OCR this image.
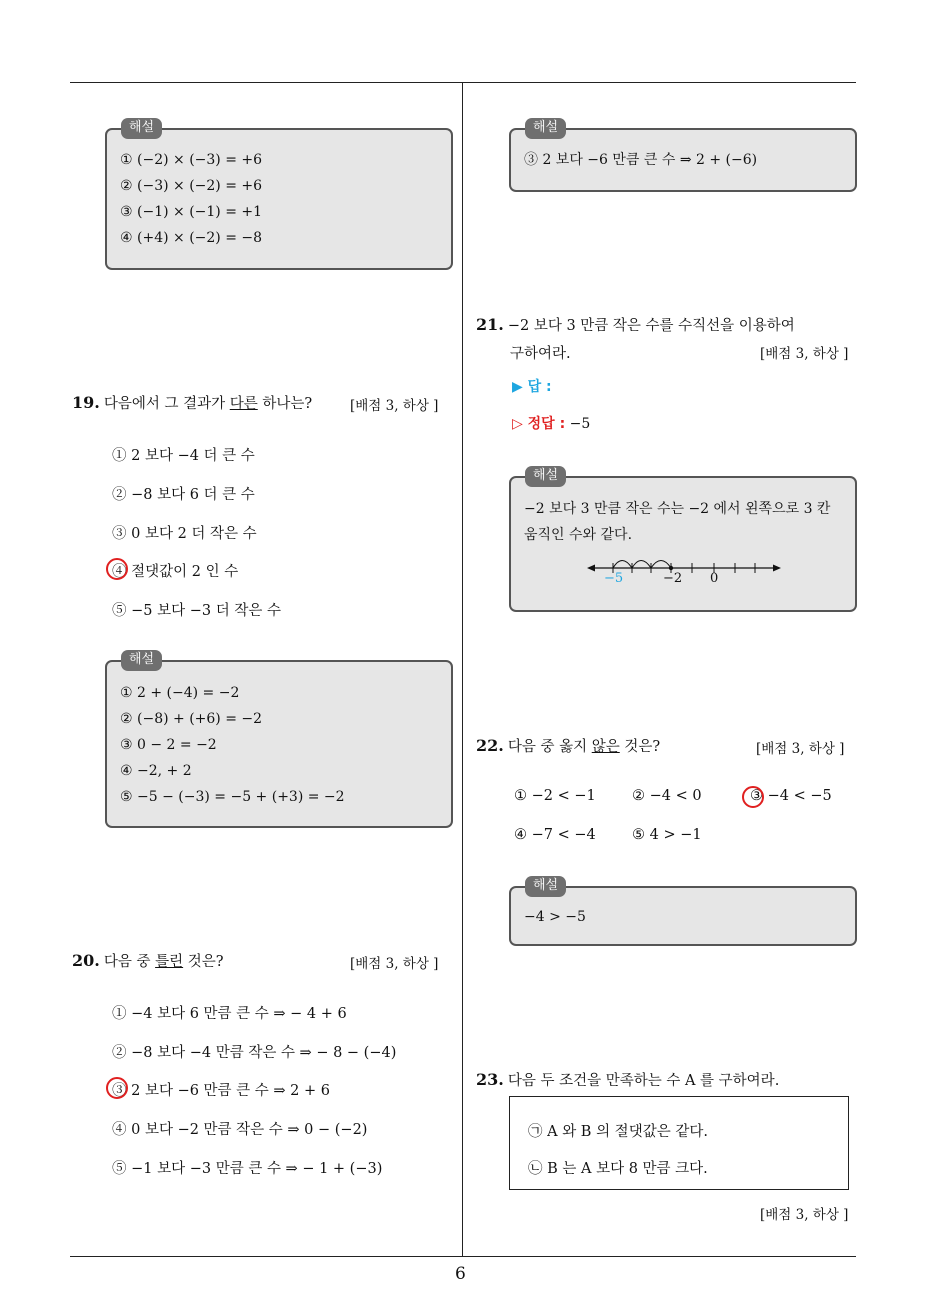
6
해설
① (−2) × (−3) = +6
② (−3) × (−2) = +6
③ (−1) × (−1) = +1
④ (+4) × (−2) = −8
19. 다음에서 그 결과가 다른 하나는?	[배점 3, 하상 ]
① 2 보다 −4 더 큰 수
② −8 보다 6 더 큰 수
③ 0 보다 2 더 작은 수
④ 절댓값이 2 인 수
⑤ −5 보다 −3 더 작은 수
해설
① 2 + (−4) = −2
② (−8) + (+6) = −2
③ 0 − 2 = −2
④ −2, + 2
⑤ −5 − (−3) = −5 + (+3) = −2
20. 다음 중 틀린 것은?	[배점 3, 하상 ]
① −4 보다 6 만큼 큰 수 ⇒ − 4 + 6
② −8 보다 −4 만큼 작은 수 ⇒ − 8 − (−4)
③ 2 보다 −6 만큼 큰 수 ⇒ 2 + 6
④ 0 보다 −2 만큼 작은 수 ⇒ 0 − (−2)
⑤ −1 보다 −3 만큼 큰 수 ⇒ − 1 + (−3)
해설
③ 2 보다 −6 만큼 큰 수 ⇒ 2 + (−6)
21. −2 보다 3 만큼 작은 수를 수직선을 이용하여
구하여라.	[배점 3, 하상 ]
▶ 답 :
▷ 정답 : −5
해설
−2 보다 3 만큼 작은 수는 −2 에서 왼쪽으로 3 칸
움직인 수와 같다.
−5	−2 0
22. 다음 중 옳지 않은 것은?	[배점 3, 하상 ]
① −2 < −1	② −4 < 0	③ −4 < −5
④ −7 < −4	⑤ 4 > −1
해설
−4 > −5
23. 다음 두 조건을 만족하는 수 A 를 구하여라.
㉠ A 와 B 의 절댓값은 같다.
㉡ B 는 A 보다 8 만큼 크다.
[배점 3, 하상 ]
